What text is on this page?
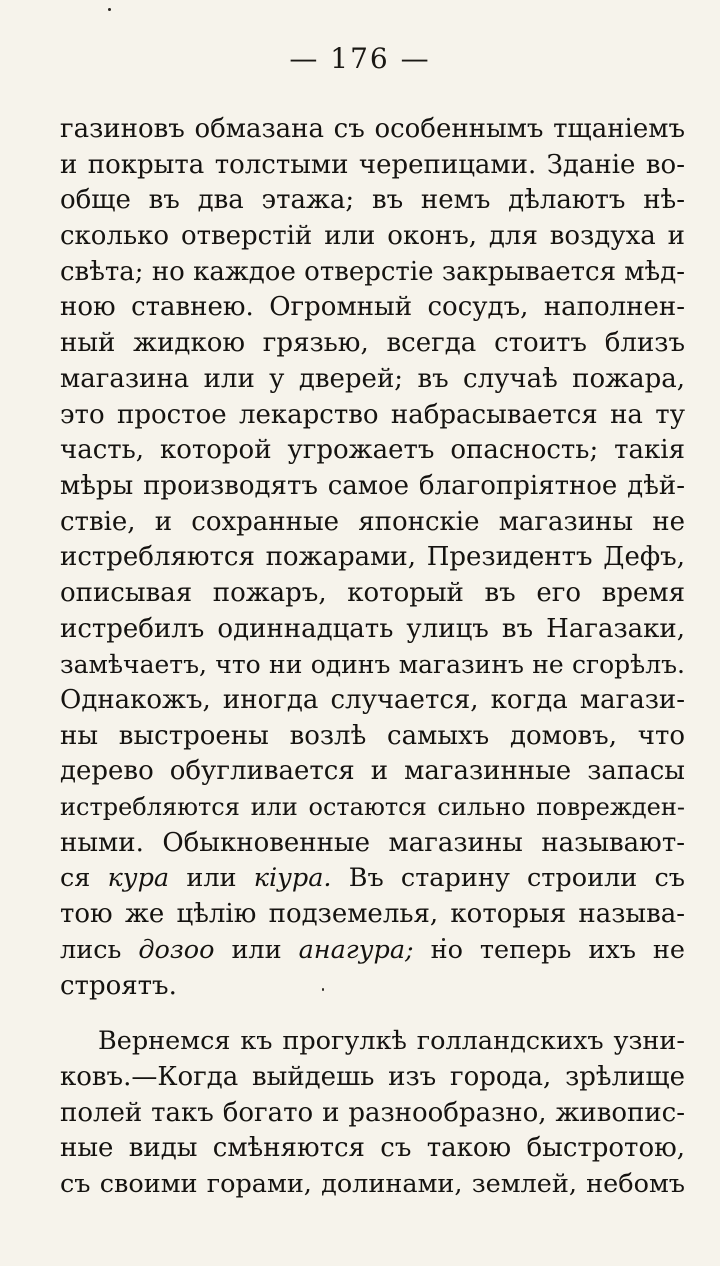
— 176 —
газиновъ обмазана съ особеннымъ тщаніемъ
и покрыта толстыми черепицами. Зданіе во-
обще въ два этажа; въ немъ дѣлаютъ нѣ-
сколько отверстій или оконъ, для воздуха и
свѣта; но каждое отверстіе закрывается мѣд-
ною ставнею. Огромный сосудъ, наполнен-
ный жидкою грязью, всегда стоитъ близъ
магазина или у дверей; въ случаѣ пожара,
это простое лекарство набрасывается на ту
часть, которой угрожаетъ опасность; такія
мѣры производятъ самое благопріятное дѣй-
ствіе, и сохранные японскіе магазины не
истребляются пожарами, Президентъ Дефъ,
описывая пожаръ, который въ его время
истребилъ одиннадцать улицъ въ Нагазаки,
замѣчаетъ, что ни одинъ магазинъ не сгорѣлъ.
Однакожъ, иногда случается, когда магази-
ны выстроены возлѣ самыхъ домовъ, что
дерево обугливается и магазинные запасы
истребляются или остаются сильно поврежден-
ными. Обыкновенные магазины называют-
ся кура или кіура. Въ старину строили съ
тою же цѣлію подземелья, которыя называ-
лись дозоо или анагура; но теперь ихъ не
строятъ.
Вернемся къ прогулкѣ голландскихъ узни-
ковъ.—Когда выйдешь изъ города, зрѣлище
полей такъ богато и разнообразно, живопис-
ные виды смѣняются съ такою быстротою,
съ своими горами, долинами, землей, небомъ
